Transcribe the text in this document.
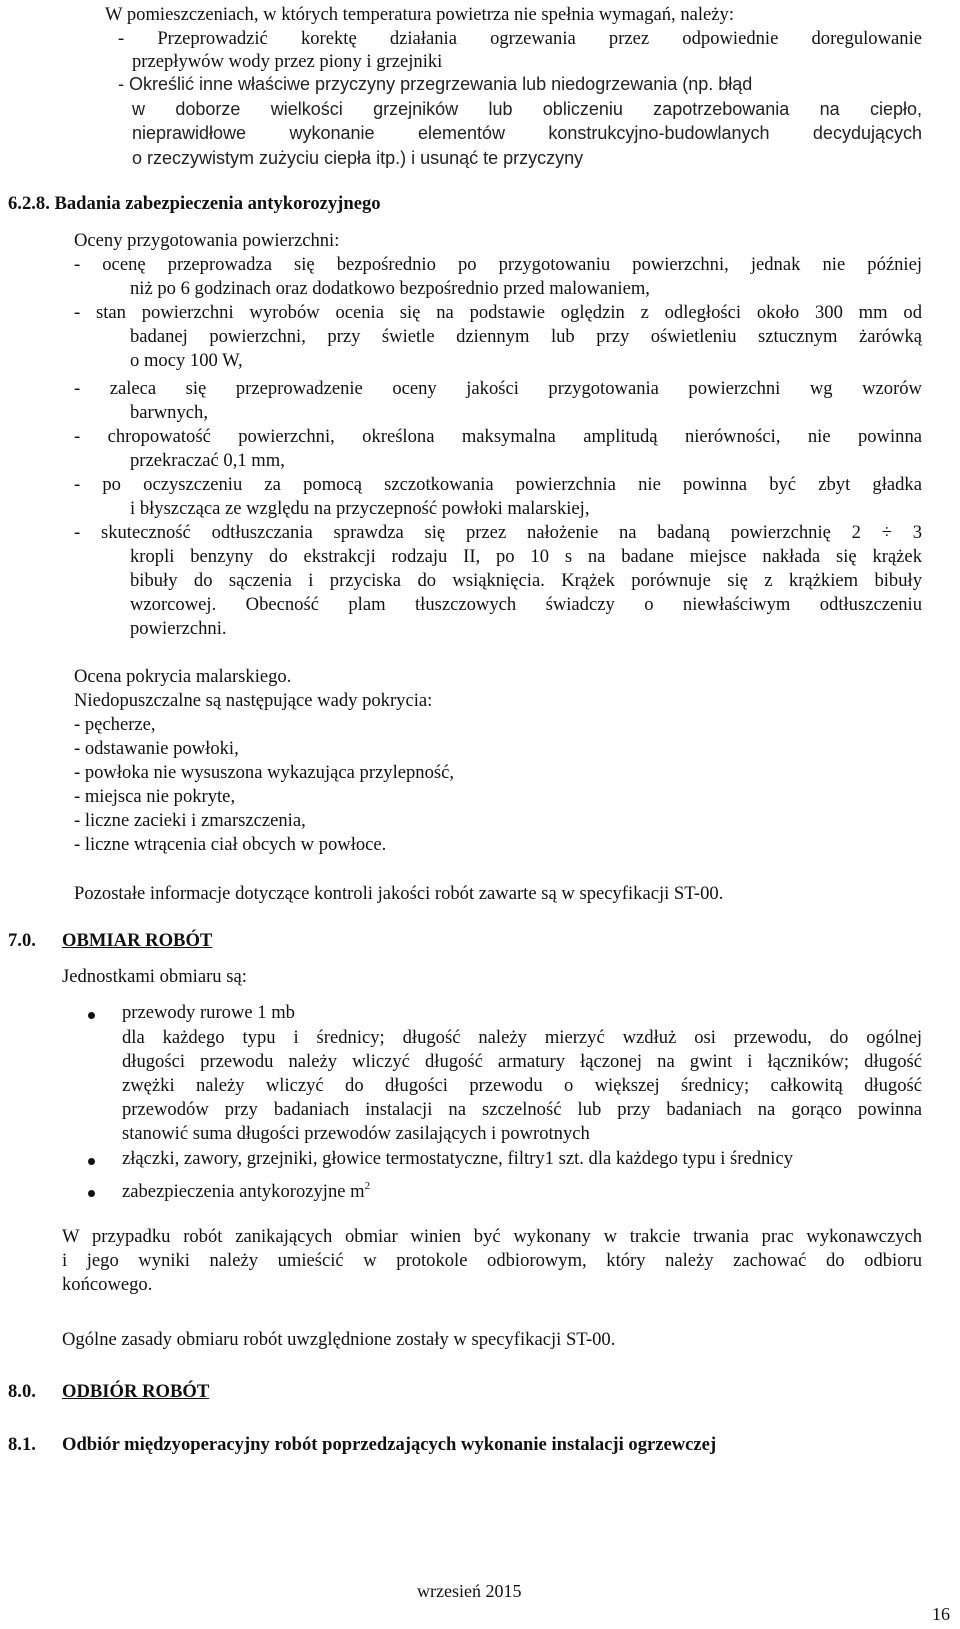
W pomieszczeniach, w których temperatura powietrza nie spełnia wymagań, należy:
- Przeprowadzić korektę działania ogrzewania przez odpowiednie doregulowanie
przepływów wody przez piony i grzejniki
- Określić inne właściwe przyczyny przegrzewania lub niedogrzewania (np. błąd
w doborze wielkości grzejników lub obliczeniu zapotrzebowania na ciepło,
nieprawidłowe wykonanie elementów konstrukcyjno-budowlanych decydujących
o rzeczywistym zużyciu ciepła itp.) i usunąć te przyczyny
6.2.8. Badania zabezpieczenia antykorozyjnego
Oceny przygotowania powierzchni:
- ocenę przeprowadza się bezpośrednio po przygotowaniu powierzchni, jednak nie później
niż po 6 godzinach oraz dodatkowo bezpośrednio przed malowaniem,
- stan powierzchni wyrobów ocenia się na podstawie oględzin z odległości około 300 mm od
badanej powierzchni, przy świetle dziennym lub przy oświetleniu sztucznym żarówką
o mocy 100 W,
- zaleca się przeprowadzenie oceny jakości przygotowania powierzchni wg wzorów
barwnych,
- chropowatość powierzchni, określona maksymalna amplitudą nierówności, nie powinna
przekraczać 0,1 mm,
- po oczyszczeniu za pomocą szczotkowania powierzchnia nie powinna być zbyt gładka
i błyszcząca ze względu na przyczepność powłoki malarskiej,
- skuteczność odtłuszczania sprawdza się przez nałożenie na badaną powierzchnię 2 ÷ 3
kropli benzyny do ekstrakcji rodzaju II, po 10 s na badane miejsce nakłada się krążek
bibuły do sączenia i przyciska do wsiąknięcia. Krążek porównuje się z krążkiem bibuły
wzorcowej. Obecność plam tłuszczowych świadczy o niewłaściwym odtłuszczeniu
powierzchni.
Ocena pokrycia malarskiego.
Niedopuszczalne są następujące wady pokrycia:
- pęcherze,
- odstawanie powłoki,
- powłoka nie wysuszona wykazująca przylepność,
- miejsca nie pokryte,
- liczne zacieki i zmarszczenia,
- liczne wtrącenia ciał obcych w powłoce.
Pozostałe informacje dotyczące kontroli jakości robót zawarte są w specyfikacji ST-00.
7.0. OBMIAR ROBÓT
Jednostkami obmiaru są:
przewody rurowe 1 mb
dla każdego typu i średnicy; długość należy mierzyć wzdłuż osi przewodu, do ogólnej
długości przewodu należy wliczyć długość armatury łączonej na gwint i łączników; długość
zwężki należy wliczyć do długości przewodu o większej średnicy; całkowitą długość
przewodów przy badaniach instalacji na szczelność lub przy badaniach na gorąco powinna
stanowić suma długości przewodów zasilających i powrotnych
złączki, zawory, grzejniki, głowice termostatyczne, filtry1 szt. dla każdego typu i średnicy
zabezpieczenia antykorozyjne $m^2$
W przypadku robót zanikających obmiar winien być wykonany w trakcie trwania prac wykonawczych
i jego wyniki należy umieścić w protokole odbiorowym, który należy zachować do odbioru
końcowego.
Ogólne zasady obmiaru robót uwzględnione zostały w specyfikacji ST-00.
8.0. ODBIÓR ROBÓT
8.1. Odbiór międzyoperacyjny robót poprzedzających wykonanie instalacji ogrzewczej
wrzesień 2015
16
